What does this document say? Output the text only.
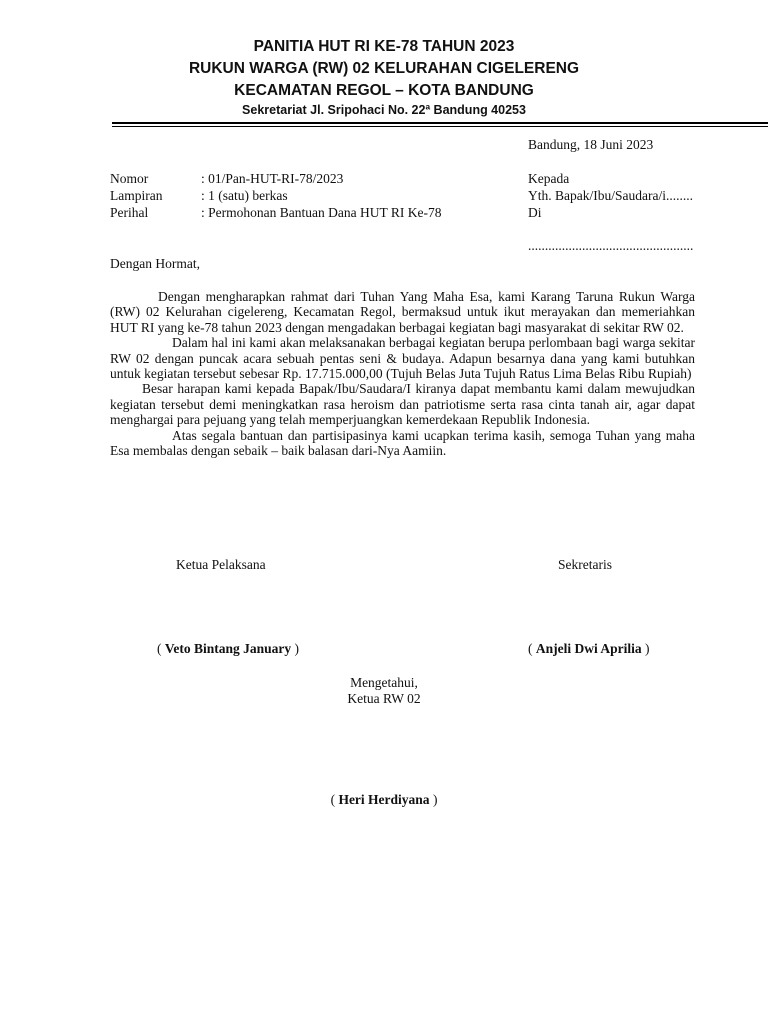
PANITIA HUT RI KE-78 TAHUN 2023
RUKUN WARGA (RW) 02 KELURAHAN CIGELERENG
KECAMATAN REGOL – KOTA BANDUNG
Sekretariat Jl. Sripohaci No. 22ª Bandung 40253
Bandung, 18 Juni 2023
Nomor	: 01/Pan-HUT-RI-78/2023
Lampiran	: 1 (satu) berkas
Perihal	: Permohonan Bantuan Dana HUT RI Ke-78
Kepada
Yth. Bapak/Ibu/Saudara/i........
Di
.................................................
Dengan Hormat,

Dengan mengharapkan rahmat dari Tuhan Yang Maha Esa, kami Karang Taruna Rukun Warga (RW) 02 Kelurahan cigelereng, Kecamatan Regol, bermaksud untuk ikut merayakan dan memeriahkan HUT RI yang ke-78 tahun 2023 dengan mengadakan berbagai kegiatan bagi masyarakat di sekitar RW 02.

Dalam hal ini kami akan melaksanakan berbagai kegiatan berupa perlombaan bagi warga sekitar RW 02 dengan puncak acara sebuah pentas seni & budaya. Adapun besarnya dana yang kami butuhkan untuk kegiatan tersebut sebesar Rp. 17.715.000,00 (Tujuh Belas Juta Tujuh Ratus Lima Belas Ribu Rupiah)

Besar harapan kami kepada Bapak/Ibu/Saudara/I kiranya dapat membantu kami dalam mewujudkan kegiatan tersebut demi meningkatkan rasa heroism dan patriotisme serta rasa cinta tanah air, agar dapat menghargai para pejuang yang telah memperjuangkan kemerdekaan Republik Indonesia.

Atas segala bantuan dan partisipasinya kami ucapkan terima kasih, semoga Tuhan yang maha Esa membalas dengan sebaik – baik balasan dari-Nya Aamiin.

Ketua Pelaksana	Sekretaris
( Veto Bintang January )	( Anjeli Dwi Aprilia )
Mengetahui,
Ketua RW 02
( Heri Herdiyana )
